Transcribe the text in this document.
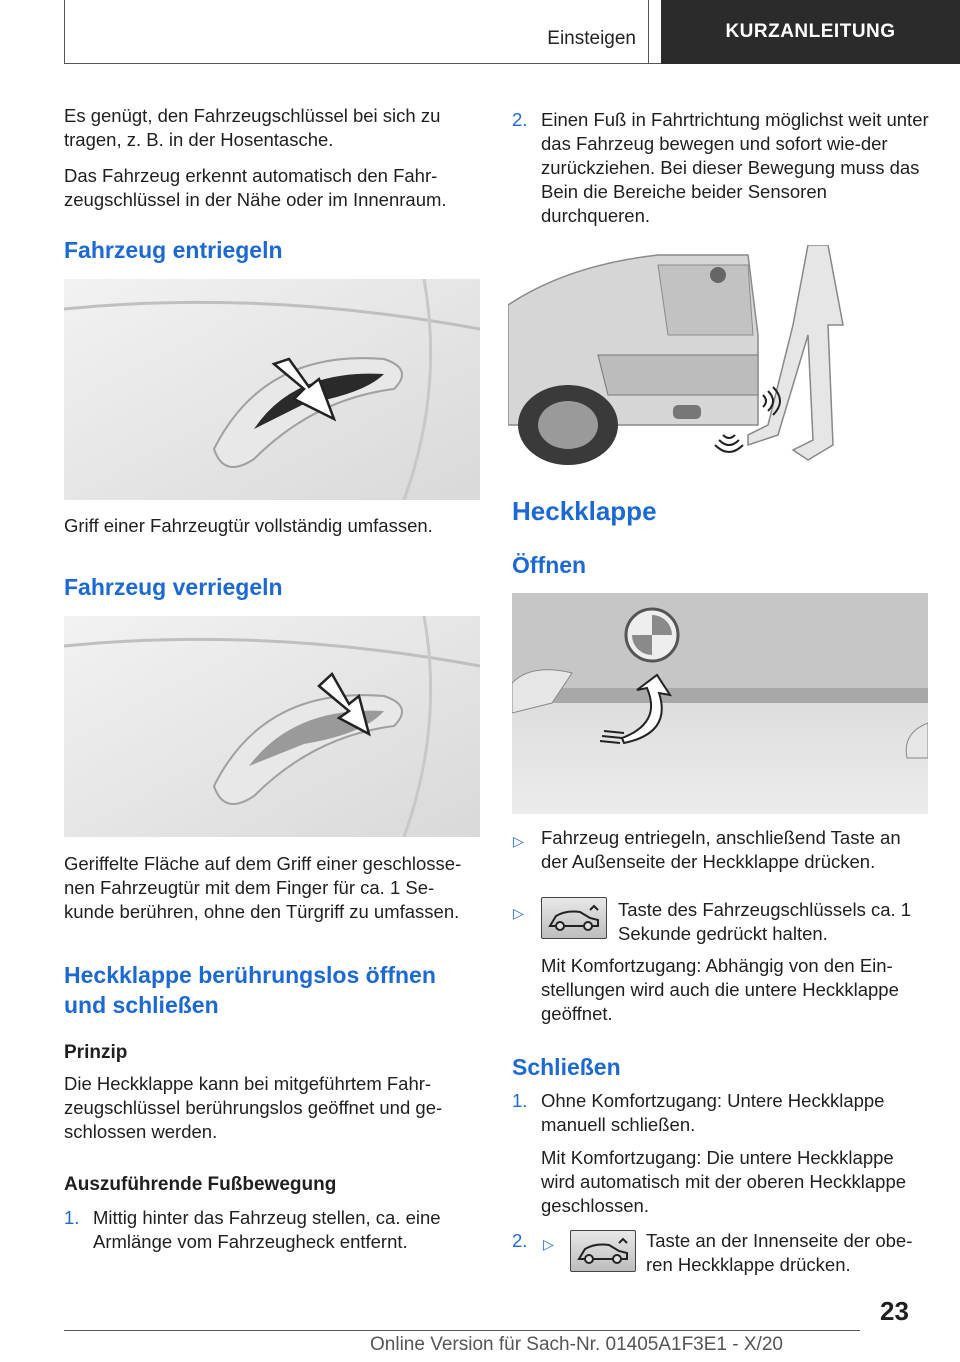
Einsteigen	KURZANLEITUNG
Es genügt, den Fahrzeugschlüssel bei sich zu tragen, z. B. in der Hosentasche.
Das Fahrzeug erkennt automatisch den Fahr-zeugschlüssel in der Nähe oder im Innenraum.
Fahrzeug entriegeln
Griff einer Fahrzeugtür vollständig umfassen.
Fahrzeug verriegeln
Geriffelte Fläche auf dem Griff einer geschlosse-nen Fahrzeugtür mit dem Finger für ca. 1 Se-kunde berühren, ohne den Türgriff zu umfassen.
Heckklappe berührungslos öffnen und schließen
Prinzip
Die Heckklappe kann bei mitgeführtem Fahr-zeugschlüssel berührungslos geöffnet und ge-schlossen werden.
Auszuführende Fußbewegung
1. Mittig hinter das Fahrzeug stellen, ca. eine Armlänge vom Fahrzeugheck entfernt.
2. Einen Fuß in Fahrtrichtung möglichst weit unter das Fahrzeug bewegen und sofort wie-der zurückziehen. Bei dieser Bewegung muss das Bein die Bereiche beider Sensoren durchqueren.
Heckklappe
Öffnen
▷ Fahrzeug entriegeln, anschließend Taste an der Außenseite der Heckklappe drücken.
▷	Taste des Fahrzeugschlüssels ca. 1 Sekunde gedrückt halten.
Mit Komfortzugang: Abhängig von den Ein-stellungen wird auch die untere Heckklappe geöffnet.
Schließen
1. Ohne Komfortzugang: Untere Heckklappe manuell schließen.
Mit Komfortzugang: Die untere Heckklappe wird automatisch mit der oberen Heckklappe geschlossen.
2. ▷	Taste an der Innenseite der obe-ren Heckklappe drücken.
23
Online Version für Sach-Nr. 01405A1F3E1 - X/20
